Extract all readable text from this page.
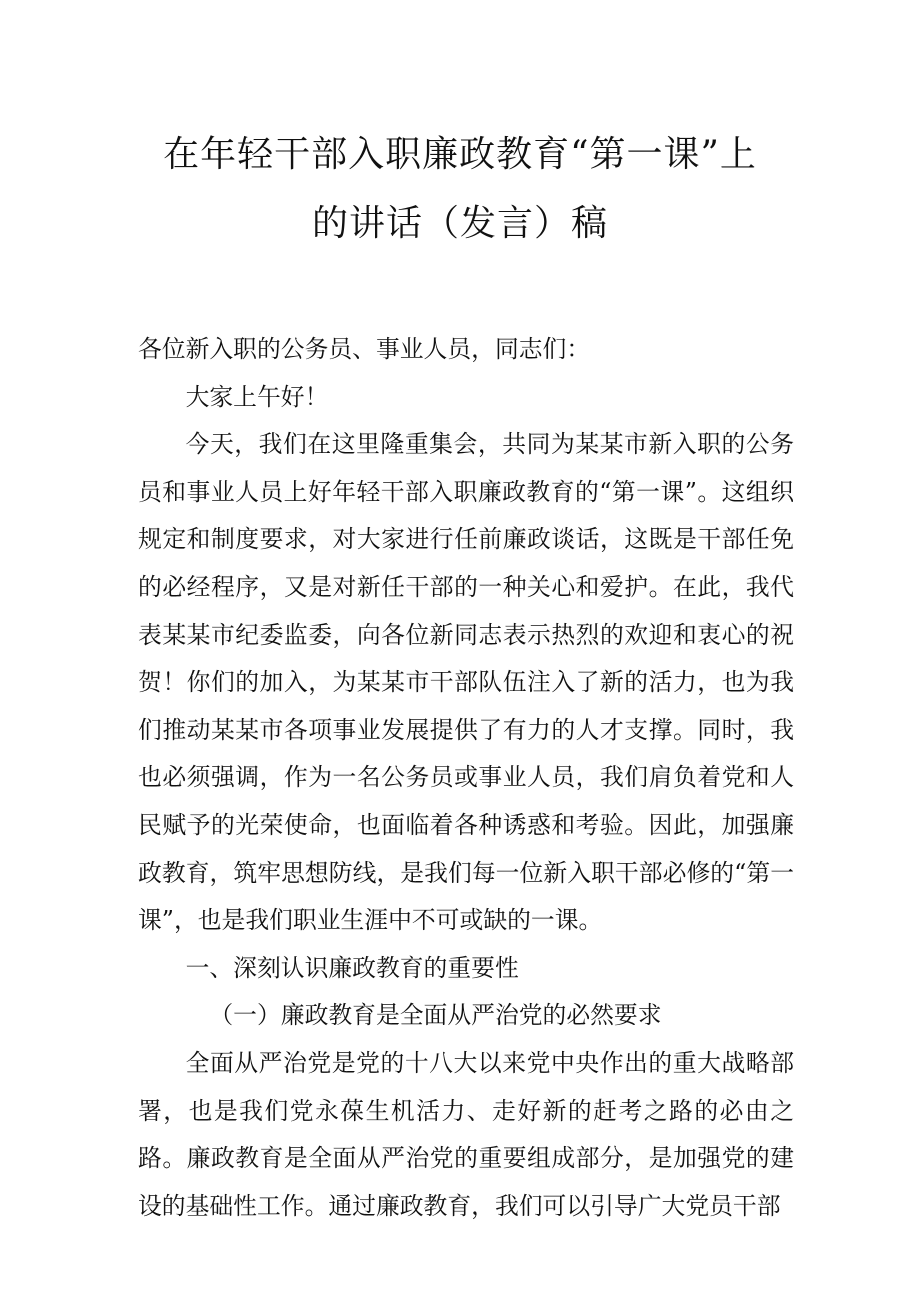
在年轻干部入职廉政教育“第一课”上
的讲话（发言）稿

各位新入职的公务员、事业人员，同志们：

大家上午好！

今天，我们在这里隆重集会，共同为某某市新入职的公务员和事业人员上好年轻干部入职廉政教育的“第一课”。这组织规定和制度要求，对大家进行任前廉政谈话，这既是干部任免的必经程序，又是对新任干部的一种关心和爱护。在此，我代表某某市纪委监委，向各位新同志表示热烈的欢迎和衷心的祝贺！你们的加入，为某某市干部队伍注入了新的活力，也为我们推动某某市各项事业发展提供了有力的人才支撑。同时，我也必须强调，作为一名公务员或事业人员，我们肩负着党和人民赋予的光荣使命，也面临着各种诱惑和考验。因此，加强廉政教育，筑牢思想防线，是我们每一位新入职干部必修的“第一课”，也是我们职业生涯中不可或缺的一课。

一、深刻认识廉政教育的重要性

（一）廉政教育是全面从严治党的必然要求

全面从严治党是党的十八大以来党中央作出的重大战略部署，也是我们党永葆生机活力、走好新的赶考之路的必由之路。廉政教育是全面从严治党的重要组成部分，是加强党的建设的基础性工作。通过廉政教育，我们可以引导广大党员干部
